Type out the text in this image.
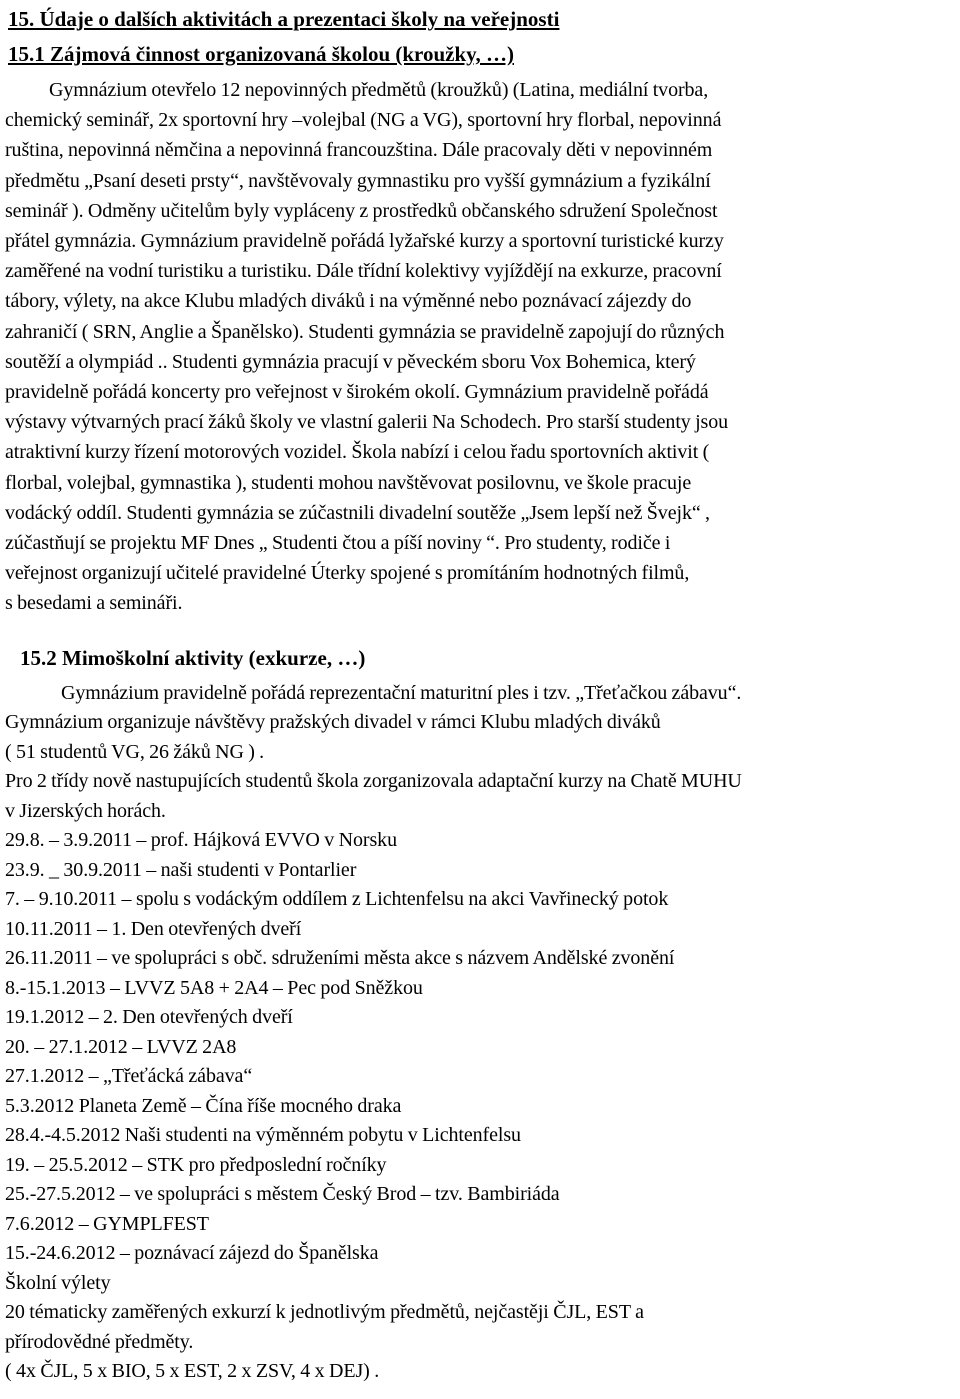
15. Údaje o dalších aktivitách a prezentaci školy na veřejnosti
15.1 Zájmová činnost organizovaná školou (kroužky, …)
Gymnázium otevřelo 12 nepovinných předmětů (kroužků) (Latina, mediální tvorba,
chemický seminář, 2x sportovní hry –volejbal (NG a VG), sportovní hry florbal, nepovinná
ruština, nepovinná němčina a nepovinná francouzština. Dále pracovaly děti v nepovinném
předmětu „Psaní deseti prsty“, navštěvovaly gymnastiku pro vyšší gymnázium a fyzikální
seminář ). Odměny učitelům byly vypláceny z prostředků občanského sdružení Společnost
přátel gymnázia. Gymnázium pravidelně pořádá lyžařské kurzy a sportovní turistické kurzy
zaměřené na vodní turistiku a turistiku. Dále třídní kolektivy vyjíždějí na exkurze, pracovní
tábory, výlety, na akce Klubu mladých diváků i na výměnné nebo poznávací zájezdy do
zahraničí ( SRN, Anglie a Španělsko). Studenti gymnázia se pravidelně zapojují do různých
soutěží a olympiád .. Studenti gymnázia pracují v pěveckém sboru Vox Bohemica, který
pravidelně pořádá koncerty pro veřejnost v širokém okolí. Gymnázium pravidelně pořádá
výstavy výtvarných prací žáků školy ve vlastní galerii Na Schodech. Pro starší studenty jsou
atraktivní kurzy řízení motorových vozidel. Škola nabízí i celou řadu sportovních aktivit (
florbal, volejbal, gymnastika ), studenti mohou navštěvovat posilovnu, ve škole pracuje
vodácký oddíl. Studenti gymnázia se zúčastnili divadelní soutěže „Jsem lepší než Švejk“ ,
zúčastňují se projektu MF Dnes „ Studenti čtou a píší noviny “. Pro studenty, rodiče i
veřejnost organizují učitelé pravidelné Úterky spojené s promítáním hodnotných filmů,
s besedami a semináři.
15.2 Mimoškolní aktivity (exkurze, …)
Gymnázium pravidelně pořádá reprezentační maturitní ples i tzv. „Třeťačkou zábavu“.
Gymnázium organizuje návštěvy pražských divadel v rámci Klubu mladých diváků
( 51 studentů VG, 26 žáků NG ) .
Pro 2 třídy nově nastupujících studentů škola zorganizovala adaptační kurzy na Chatě MUHU
v Jizerských horách.
29.8. – 3.9.2011 – prof. Hájková EVVO v Norsku
23.9. _ 30.9.2011 – naši studenti v Pontarlier
7. – 9.10.2011 – spolu s vodáckým oddílem z Lichtenfelsu na akci Vavřinecký potok
10.11.2011 – 1. Den otevřených dveří
26.11.2011 – ve spolupráci s obč. sdruženími města akce s názvem Andělské zvonění
8.-15.1.2013 – LVVZ 5A8 + 2A4 – Pec pod Sněžkou
19.1.2012 – 2. Den otevřených dveří
20. – 27.1.2012 – LVVZ 2A8
27.1.2012 – „Třeťácká zábava“
5.3.2012 Planeta Země – Čína říše mocného draka
28.4.-4.5.2012 Naši studenti na výměnném pobytu v Lichtenfelsu
19. – 25.5.2012 – STK pro předposlední ročníky
25.-27.5.2012 – ve spolupráci s městem Český Brod – tzv. Bambiriáda
7.6.2012 – GYMPLFEST
15.-24.6.2012 – poznávací zájezd do Španělska
Školní výlety
20 tématicky zaměřených exkurzí k jednotlivým předmětů, nejčastěji ČJL, EST a
přírodovědné předměty.
( 4x ČJL, 5 x BIO, 5 x EST, 2 x ZSV, 4 x DEJ) .
